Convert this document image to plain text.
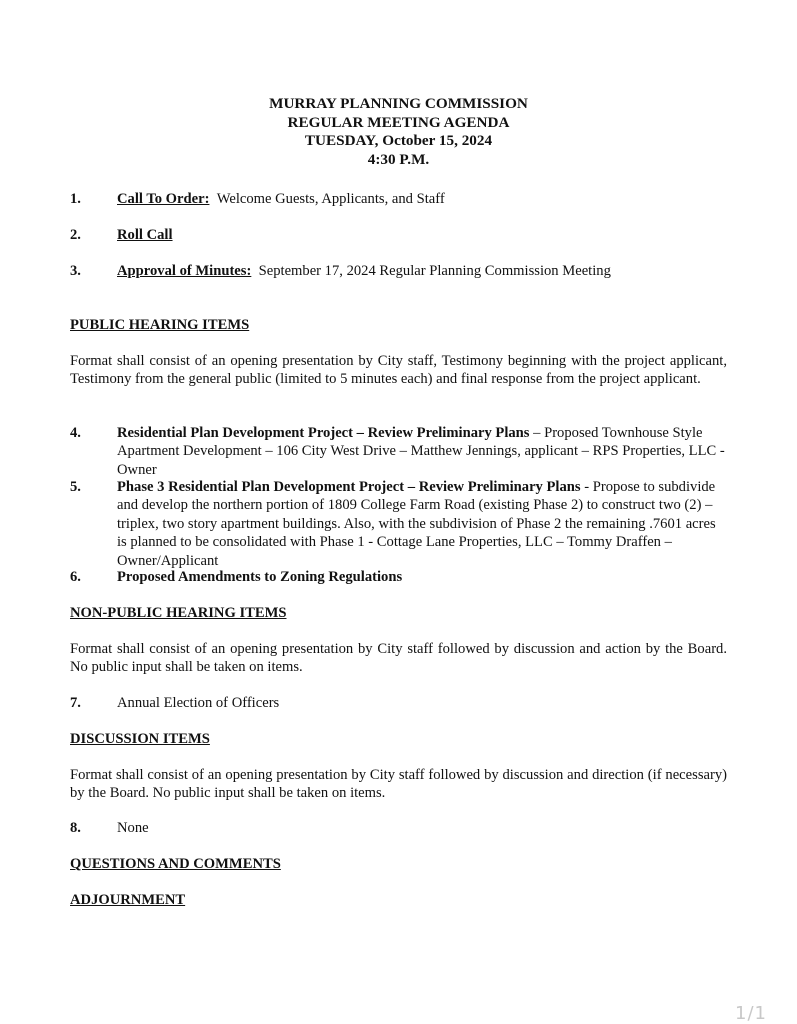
MURRAY PLANNING COMMISSION
REGULAR MEETING AGENDA
TUESDAY, October 15, 2024
4:30 P.M.
1. Call To Order: Welcome Guests, Applicants, and Staff
2. Roll Call
3. Approval of Minutes: September 17, 2024 Regular Planning Commission Meeting
PUBLIC HEARING ITEMS
Format shall consist of an opening presentation by City staff, Testimony beginning with the project applicant, Testimony from the general public (limited to 5 minutes each) and final response from the project applicant.
4. Residential Plan Development Project – Review Preliminary Plans – Proposed Townhouse Style Apartment Development – 106 City West Drive – Matthew Jennings, applicant – RPS Properties, LLC - Owner
5. Phase 3 Residential Plan Development Project – Review Preliminary Plans - Propose to subdivide and develop the northern portion of 1809 College Farm Road (existing Phase 2) to construct two (2) – triplex, two story apartment buildings. Also, with the subdivision of Phase 2 the remaining .7601 acres is planned to be consolidated with Phase 1 - Cottage Lane Properties, LLC – Tommy Draffen – Owner/Applicant
6. Proposed Amendments to Zoning Regulations
NON-PUBLIC HEARING ITEMS
Format shall consist of an opening presentation by City staff followed by discussion and action by the Board. No public input shall be taken on items.
7. Annual Election of Officers
DISCUSSION ITEMS
Format shall consist of an opening presentation by City staff followed by discussion and direction (if necessary) by the Board. No public input shall be taken on items.
8. None
QUESTIONS AND COMMENTS
ADJOURNMENT
1/1
